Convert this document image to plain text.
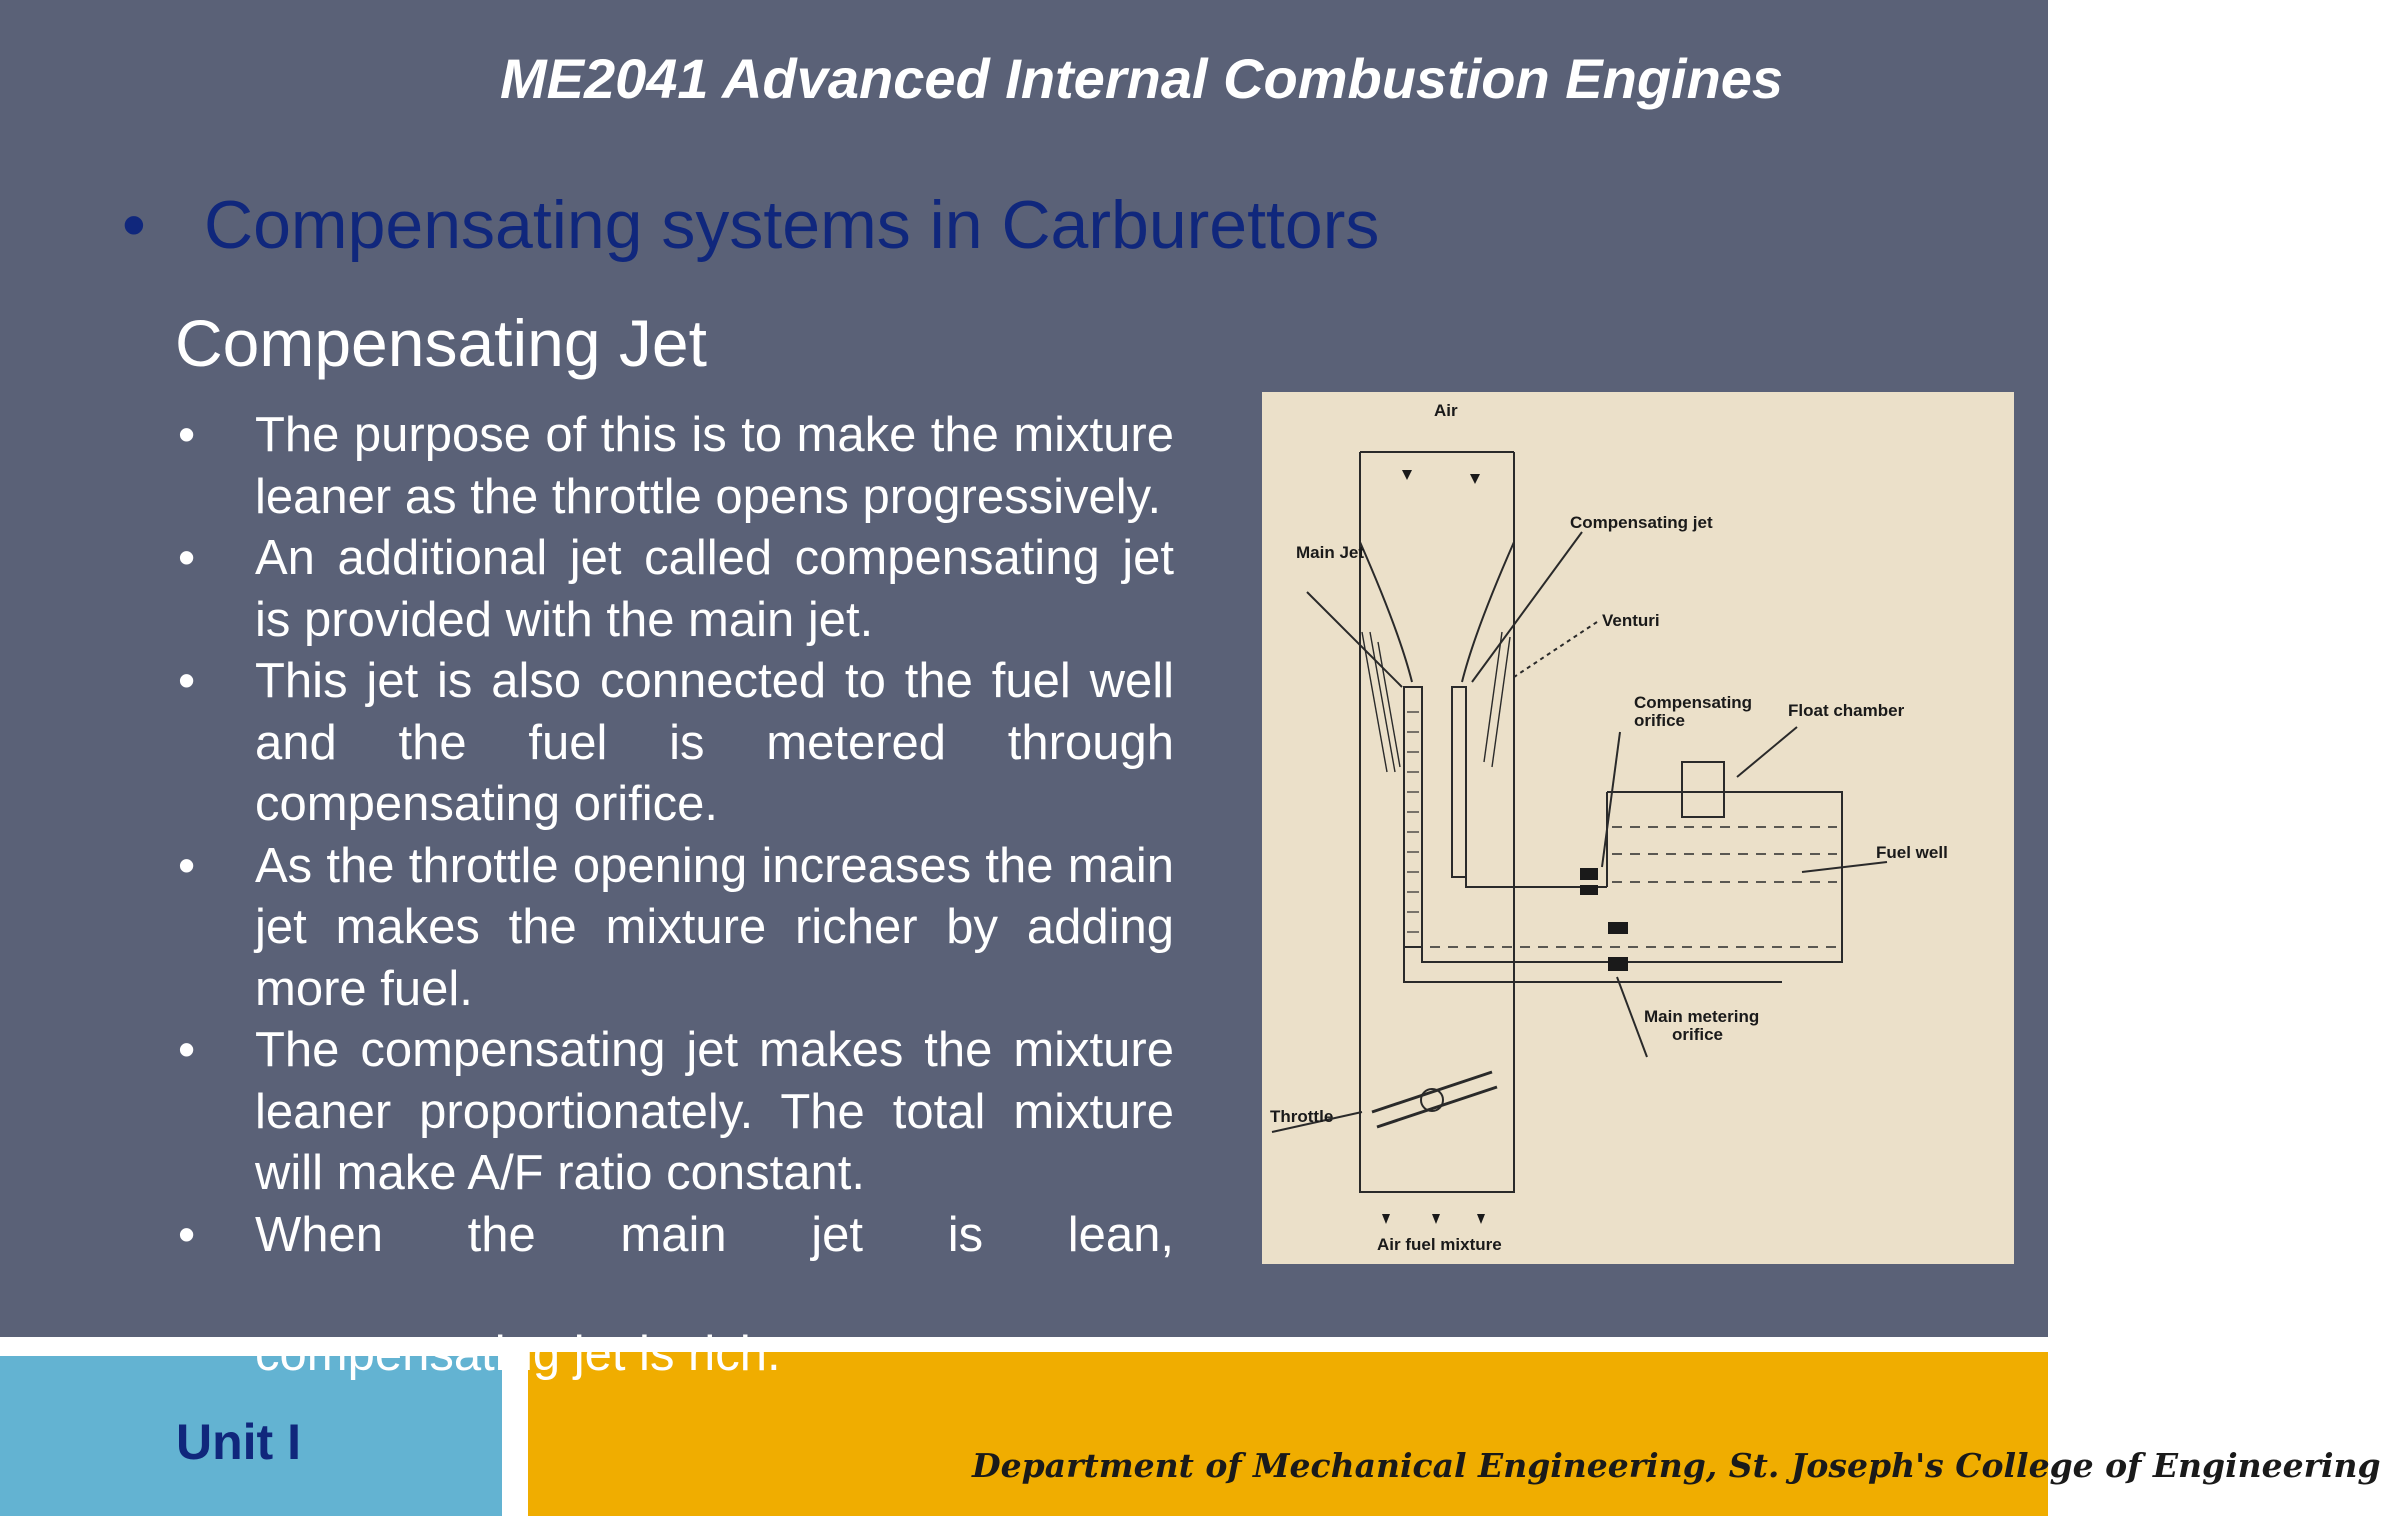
ME2041 Advanced Internal Combustion Engines
• Compensating systems in Carburettors
Compensating Jet
• The purpose of this is to make the mixture leaner as the throttle opens progressively.
• An additional jet called compensating jet is provided with the main jet.
• This jet is also connected to the fuel well and the fuel is metered through compensating orifice.
• As the throttle opening increases the main jet makes the mixture richer by adding more fuel.
• The compensating jet makes the mixture leaner proportionately. The total mixture will make A/F ratio constant.
• When the main jet is lean,
Air
Main Jet
Compensating jet
Venturi
Compensating
orifice
Float chamber
Fuel well
Main metering
orifice
Throttle
Air fuel mixture
compensating jet is rich.
Unit I	Department of Mechanical Engineering, St. Joseph's College of Engineering
